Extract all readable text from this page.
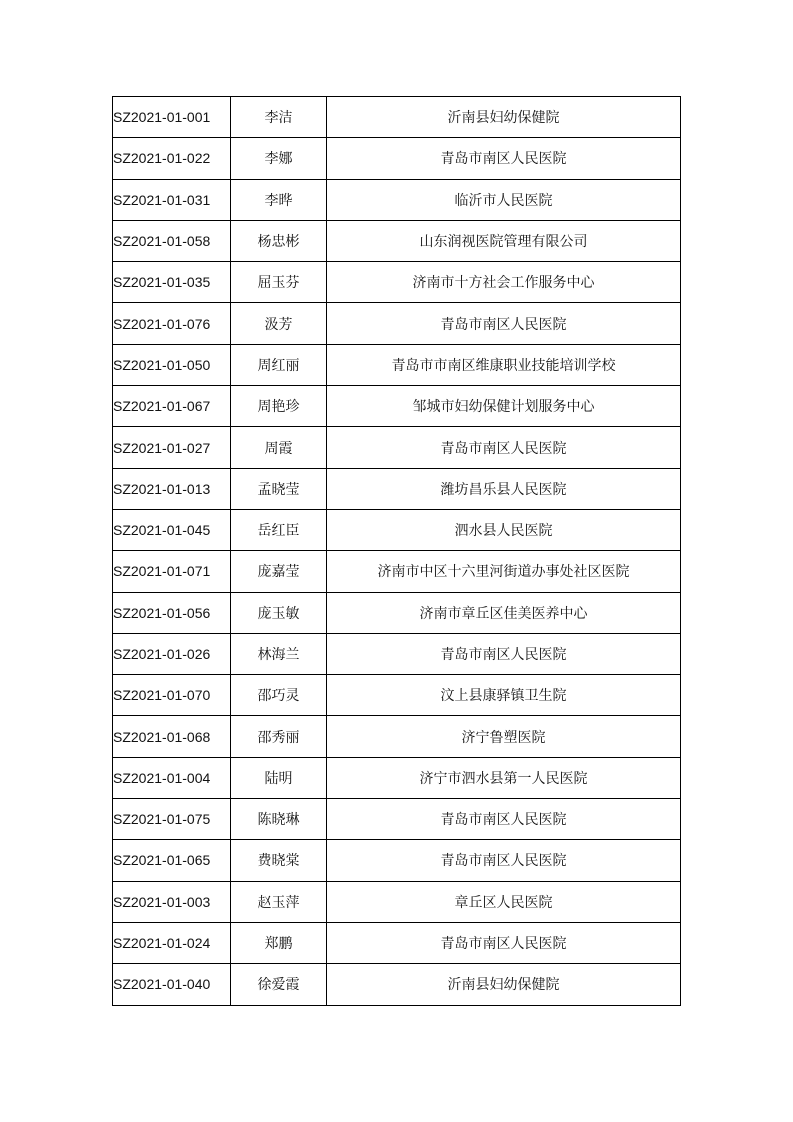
SZ2021-01-001	李洁	沂南县妇幼保健院
SZ2021-01-022	李娜	青岛市南区人民医院
SZ2021-01-031	李晔	临沂市人民医院
SZ2021-01-058	杨忠彬	山东润视医院管理有限公司
SZ2021-01-035	屈玉芬	济南市十方社会工作服务中心
SZ2021-01-076	汲芳	青岛市南区人民医院
SZ2021-01-050	周红丽	青岛市市南区维康职业技能培训学校
SZ2021-01-067	周艳珍	邹城市妇幼保健计划服务中心
SZ2021-01-027	周霞	青岛市南区人民医院
SZ2021-01-013	孟晓莹	潍坊昌乐县人民医院
SZ2021-01-045	岳红臣	泗水县人民医院
SZ2021-01-071	庞嘉莹	济南市中区十六里河街道办事处社区医院
SZ2021-01-056	庞玉敏	济南市章丘区佳美医养中心
SZ2021-01-026	林海兰	青岛市南区人民医院
SZ2021-01-070	邵巧灵	汶上县康驿镇卫生院
SZ2021-01-068	邵秀丽	济宁鲁塑医院
SZ2021-01-004	陆明	济宁市泗水县第一人民医院
SZ2021-01-075	陈晓琳	青岛市南区人民医院
SZ2021-01-065	费晓棠	青岛市南区人民医院
SZ2021-01-003	赵玉萍	章丘区人民医院
SZ2021-01-024	郑鹏	青岛市南区人民医院
SZ2021-01-040	徐爱霞	沂南县妇幼保健院
